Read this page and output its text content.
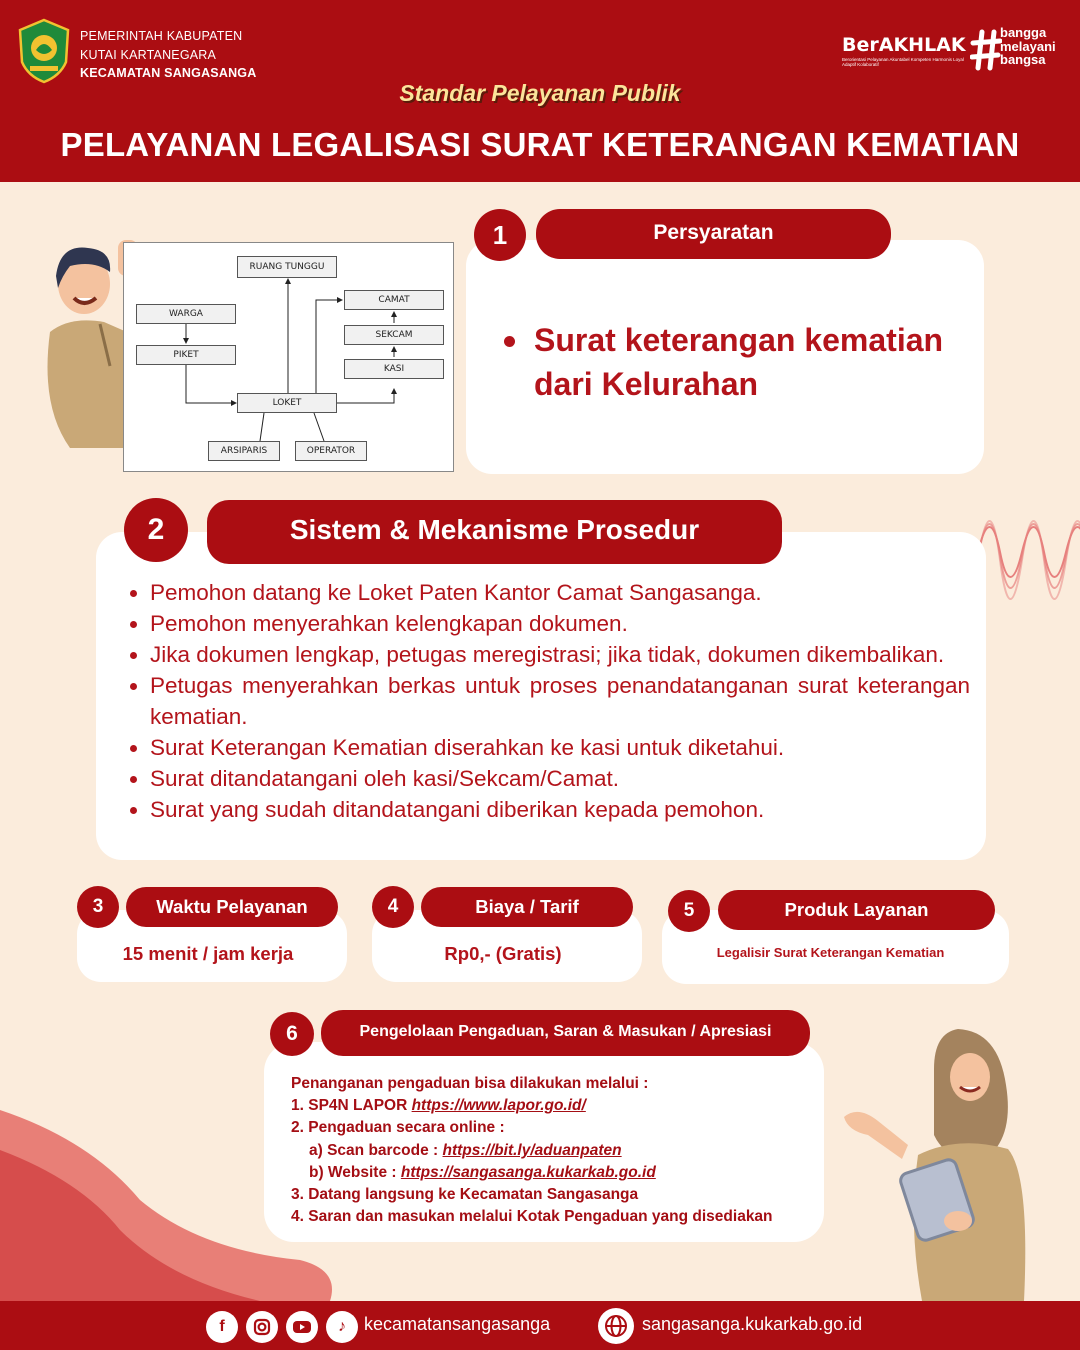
PEMERINTAH KABUPATEN
KUTAI KARTANEGARA
KECAMATAN SANGASANGA
BerAKHLAK
Berorientasi Pelayanan Akuntabel Kompeten Harmonis Loyal Adaptif Kolaboratif
bangga
melayani
bangsa
Standar Pelayanan Publik
PELAYANAN LEGALISASI SURAT KETERANGAN KEMATIAN
RUANG TUNGGU
WARGA
PIKET
CAMAT
SEKCAM
KASI
LOKET
ARSIPARIS	OPERATOR
Persyaratan
1
Surat keterangan kematian dari Kelurahan
Sistem & Mekanisme Prosedur
2
Pemohon datang ke Loket Paten Kantor Camat Sangasanga.
Pemohon menyerahkan kelengkapan dokumen.
Jika dokumen lengkap, petugas meregistrasi; jika tidak, dokumen dikembalikan.
Petugas menyerahkan berkas untuk proses penandatanganan surat keterangan kematian.
Surat Keterangan Kematian diserahkan ke kasi untuk diketahui.
Surat ditandatangani oleh kasi/Sekcam/Camat.
Surat yang sudah ditandatangani diberikan kepada pemohon.
Waktu Pelayanan
3
15 menit / jam kerja
Biaya / Tarif
4
Rp0,- (Gratis)
Produk Layanan
5
Legalisir Surat Keterangan Kematian
Pengelolaan Pengaduan, Saran & Masukan / Apresiasi
6
Penanganan pengaduan bisa dilakukan melalui :
1. SP4N LAPOR https://www.lapor.go.id/
2. Pengaduan secara online :
a) Scan barcode : https://bit.ly/aduanpaten
b) Website : https://sangasanga.kukarkab.go.id
3. Datang langsung ke Kecamatan Sangasanga
4. Saran dan masukan melalui Kotak Pengaduan yang disediakan
f	♪	kecamatansangasanga	sangasanga.kukarkab.go.id
